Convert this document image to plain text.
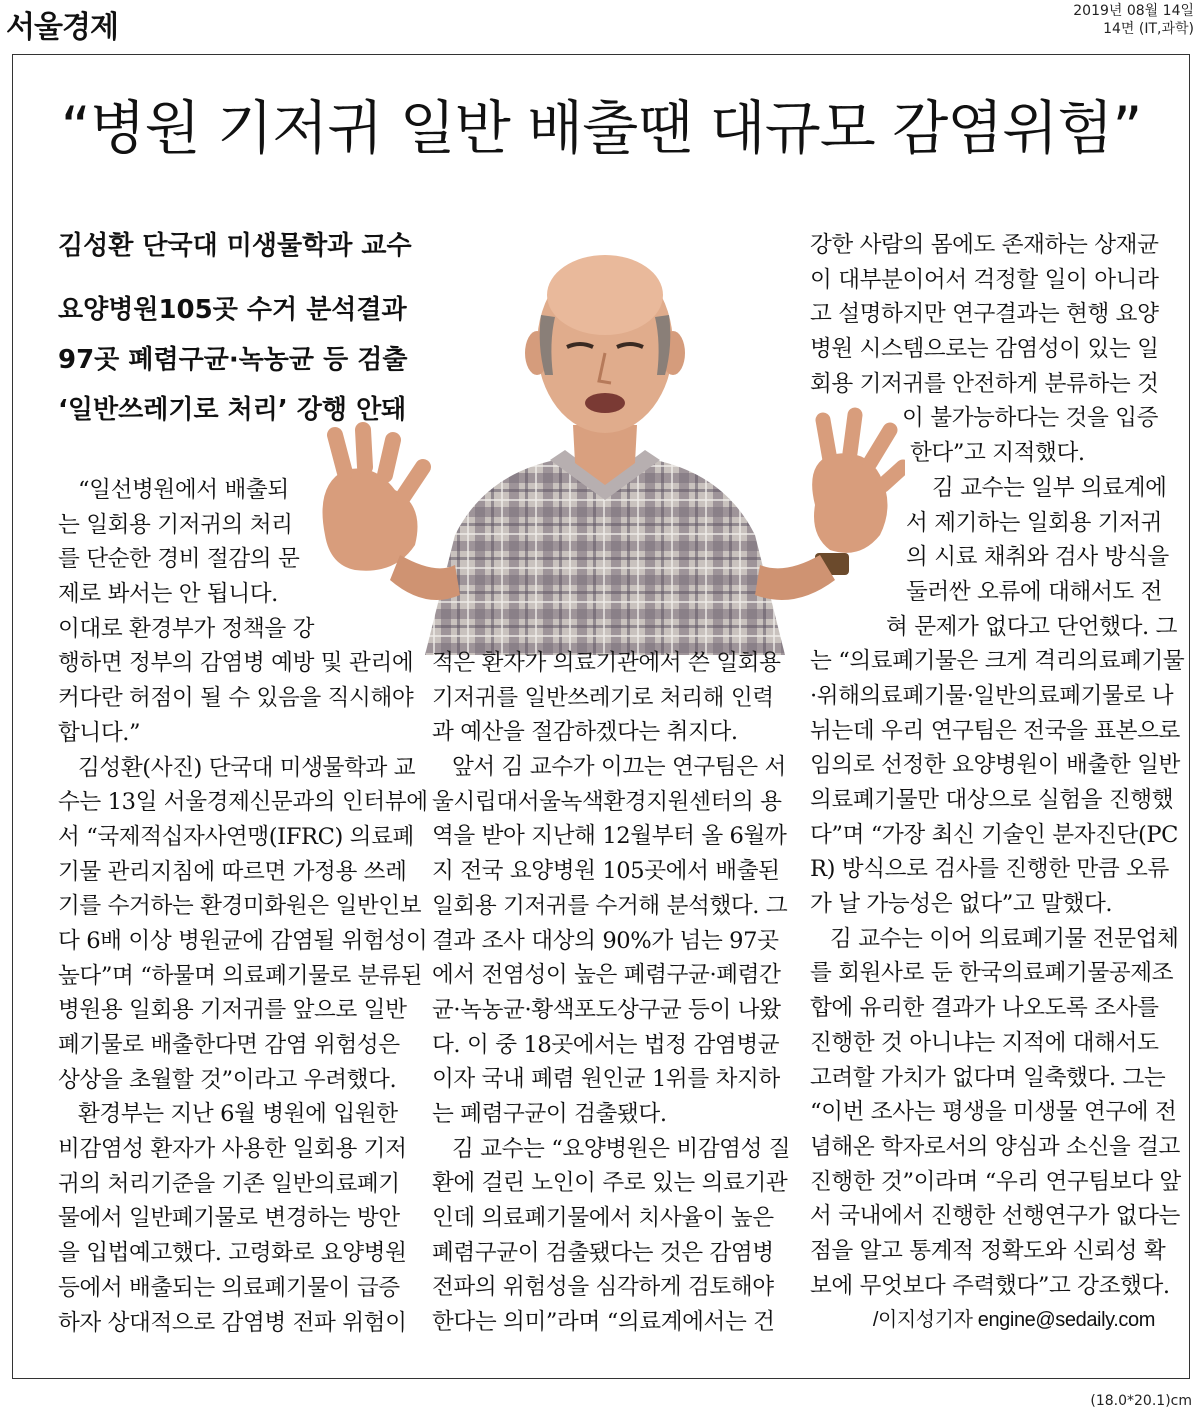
서울경제	2019년 08월 14일
14면 (IT,과학)
“병원 기저귀 일반 배출땐 대규모 감염위험”
김성환 단국대 미생물학과 교수
요양병원105곳 수거 분석결과
97곳 폐렴구균·녹농균 등 검출
‘일반쓰레기로 처리’ 강행 안돼
“일선병원에서 배출되
는 일회용 기저귀의 처리
를 단순한 경비 절감의 문
제로 봐서는 안 됩니다.
이대로 환경부가 정책을 강
행하면 정부의 감염병 예방 및 관리에
커다란 허점이 될 수 있음을 직시해야
합니다.”
김성환(사진) 단국대 미생물학과 교
수는 13일 서울경제신문과의 인터뷰에
서 “국제적십자사연맹(IFRC) 의료폐
기물 관리지침에 따르면 가정용 쓰레
기를 수거하는 환경미화원은 일반인보
다 6배 이상 병원균에 감염될 위험성이
높다”며 “하물며 의료폐기물로 분류된
병원용 일회용 기저귀를 앞으로 일반
폐기물로 배출한다면 감염 위험성은
상상을 초월할 것”이라고 우려했다.
환경부는 지난 6월 병원에 입원한
비감염성 환자가 사용한 일회용 기저
귀의 처리기준을 기존 일반의료폐기
물에서 일반폐기물로 변경하는 방안
을 입법예고했다. 고령화로 요양병원
등에서 배출되는 의료폐기물이 급증
하자 상대적으로 감염병 전파 위험이
적은 환자가 의료기관에서 쓴 일회용
기저귀를 일반쓰레기로 처리해 인력
과 예산을 절감하겠다는 취지다.
앞서 김 교수가 이끄는 연구팀은 서
울시립대서울녹색환경지원센터의 용
역을 받아 지난해 12월부터 올 6월까
지 전국 요양병원 105곳에서 배출된
일회용 기저귀를 수거해 분석했다. 그
결과 조사 대상의 90%가 넘는 97곳
에서 전염성이 높은 폐렴구균·폐렴간
균·녹농균·황색포도상구균 등이 나왔
다. 이 중 18곳에서는 법정 감염병균
이자 국내 폐렴 원인균 1위를 차지하
는 폐렴구균이 검출됐다.
김 교수는 “요양병원은 비감염성 질
환에 걸린 노인이 주로 있는 의료기관
인데 의료폐기물에서 치사율이 높은
폐렴구균이 검출됐다는 것은 감염병
전파의 위험성을 심각하게 검토해야
한다는 의미”라며 “의료계에서는 건
강한 사람의 몸에도 존재하는 상재균
이 대부분이어서 걱정할 일이 아니라
고 설명하지만 연구결과는 현행 요양
병원 시스템으로는 감염성이 있는 일
회용 기저귀를 안전하게 분류하는 것
이 불가능하다는 것을 입증
한다”고 지적했다.
김 교수는 일부 의료계에
서 제기하는 일회용 기저귀
의 시료 채취와 검사 방식을
둘러싼 오류에 대해서도 전
혀 문제가 없다고 단언했다. 그
는 “의료폐기물은 크게 격리의료폐기물
·위해의료폐기물·일반의료폐기물로 나
뉘는데 우리 연구팀은 전국을 표본으로
임의로 선정한 요양병원이 배출한 일반
의료폐기물만 대상으로 실험을 진행했
다”며 “가장 최신 기술인 분자진단(PC
R) 방식으로 검사를 진행한 만큼 오류
가 날 가능성은 없다”고 말했다.
김 교수는 이어 의료폐기물 전문업체
를 회원사로 둔 한국의료폐기물공제조
합에 유리한 결과가 나오도록 조사를
진행한 것 아니냐는 지적에 대해서도
고려할 가치가 없다며 일축했다. 그는
“이번 조사는 평생을 미생물 연구에 전
념해온 학자로서의 양심과 소신을 걸고
진행한 것”이라며 “우리 연구팀보다 앞
서 국내에서 진행한 선행연구가 없다는
점을 알고 통계적 정확도와 신뢰성 확
보에 무엇보다 주력했다”고 강조했다.
/이지성기자 engine@sedaily.com
(18.0*20.1)cm
